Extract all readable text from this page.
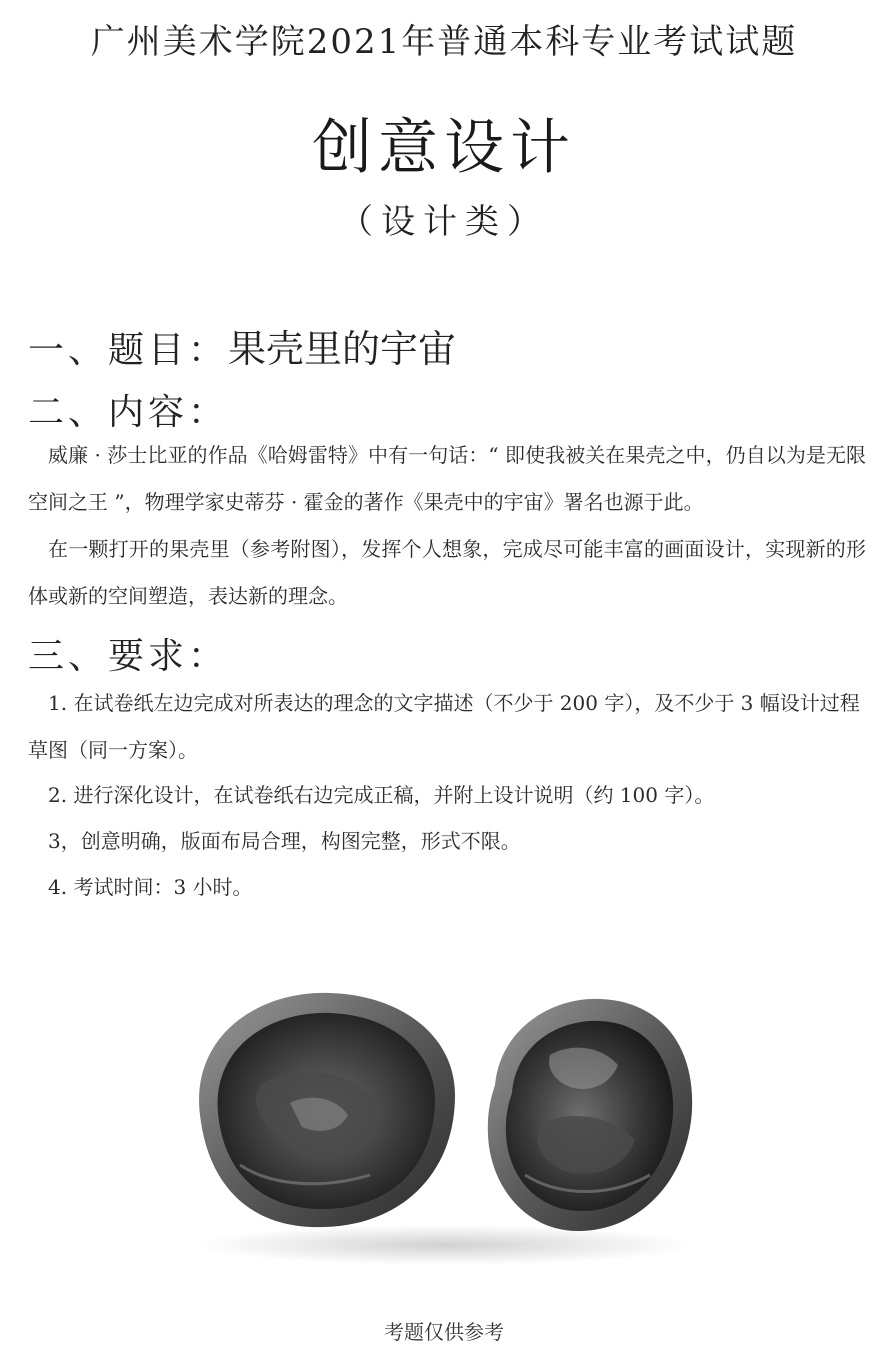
广州美术学院2021年普通本科专业考试试题
创意设计
（设计类）
一、题目：果壳里的宇宙
二、内容：
威廉 · 莎士比亚的作品《哈姆雷特》中有一句话：“ 即使我被关在果壳之中，仍自以为是无限空间之王 ”，物理学家史蒂芬 · 霍金的著作《果壳中的宇宙》署名也源于此。
在一颗打开的果壳里（参考附图），发挥个人想象，完成尽可能丰富的画面设计，实现新的形体或新的空间塑造，表达新的理念。
三、要求：
1. 在试卷纸左边完成对所表达的理念的文字描述（不少于 200 字），及不少于 3 幅设计过程草图（同一方案）。
2. 进行深化设计，在试卷纸右边完成正稿，并附上设计说明（约 100 字）。
3，创意明确，版面布局合理，构图完整，形式不限。
4. 考试时间：3 小时。
考题仅供参考
